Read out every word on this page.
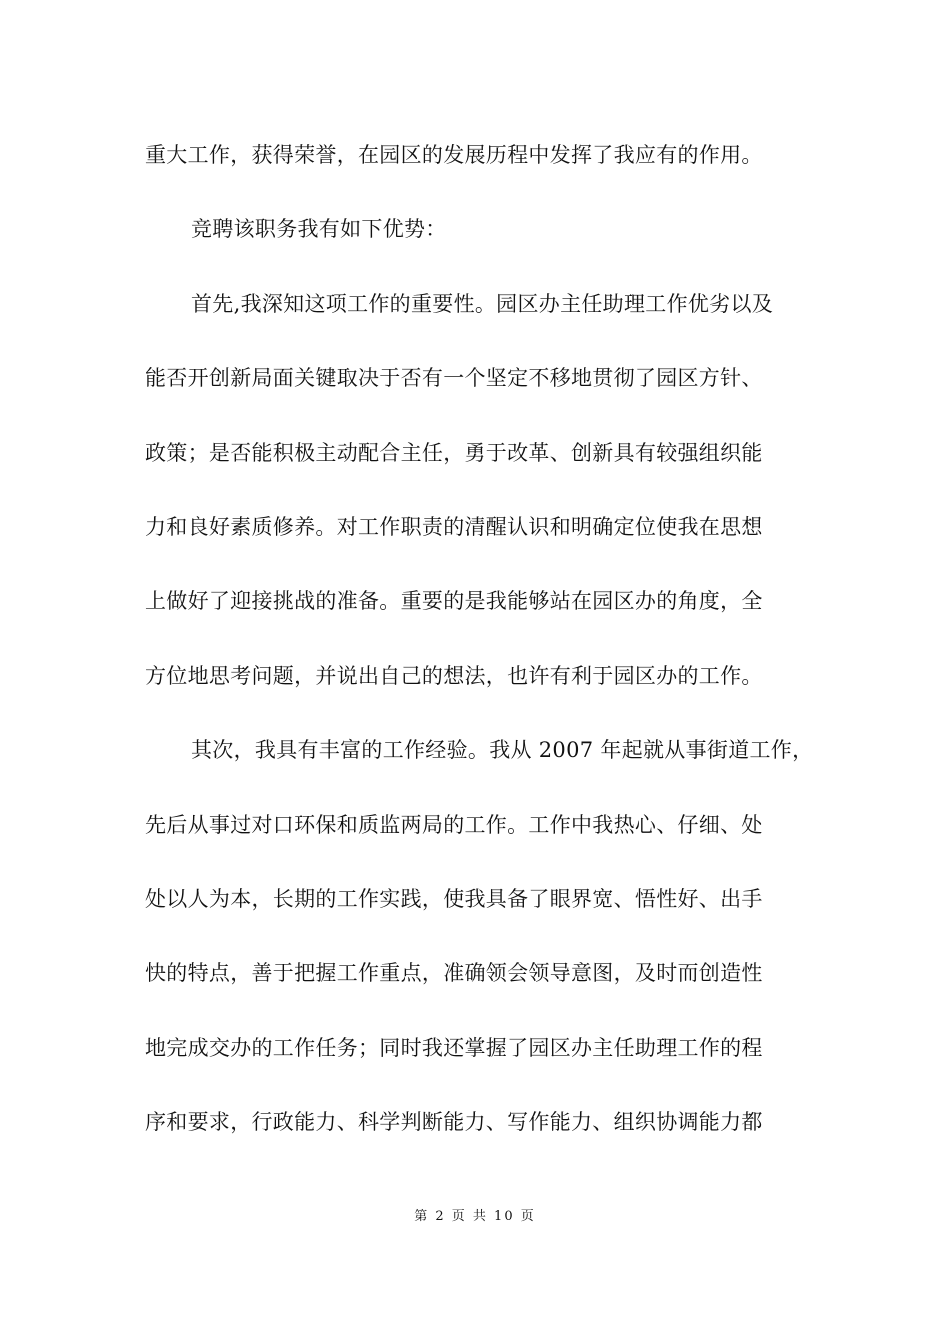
重大工作，获得荣誉，在园区的发展历程中发挥了我应有的作用。
竞聘该职务我有如下优势：
首先,我深知这项工作的重要性。园区办主任助理工作优劣以及
能否开创新局面关键取决于否有一个坚定不移地贯彻了园区方针、
政策；是否能积极主动配合主任，勇于改革、创新具有较强组织能
力和良好素质修养。对工作职责的清醒认识和明确定位使我在思想
上做好了迎接挑战的准备。重要的是我能够站在园区办的角度，全
方位地思考问题，并说出自己的想法，也许有利于园区办的工作。
其次，我具有丰富的工作经验。我从 2007 年起就从事街道工作，
先后从事过对口环保和质监两局的工作。工作中我热心、仔细、处
处以人为本，长期的工作实践，使我具备了眼界宽、悟性好、出手
快的特点，善于把握工作重点，准确领会领导意图，及时而创造性
地完成交办的工作任务；同时我还掌握了园区办主任助理工作的程
序和要求，行政能力、科学判断能力、写作能力、组织协调能力都
第 2 页 共 10 页
